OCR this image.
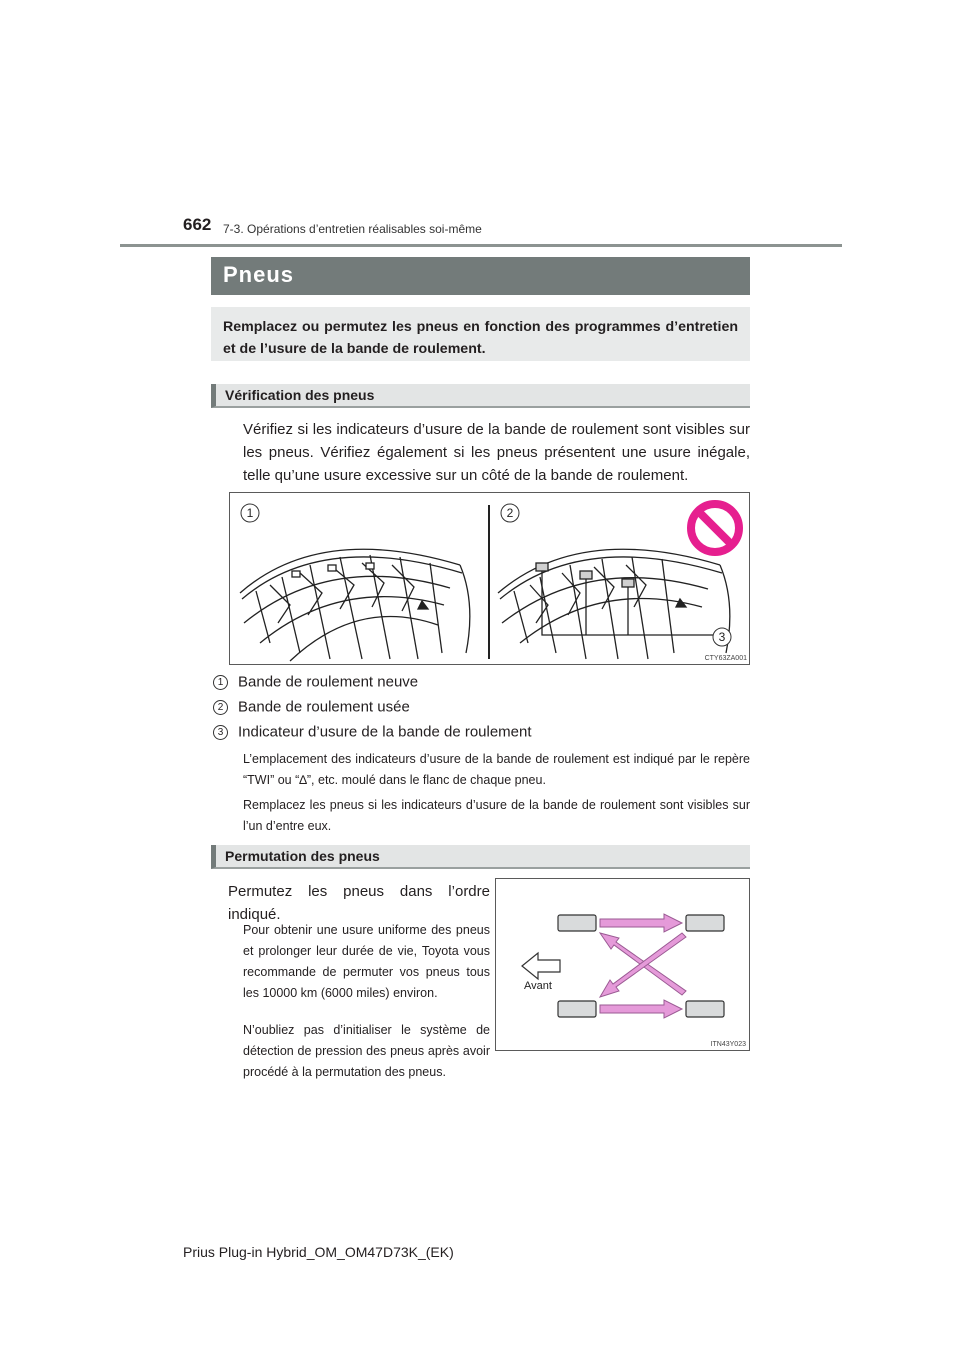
662 7-3. Opérations d’entretien réalisables soi-même
Pneus
Remplacez ou permutez les pneus en fonction des programmes d’entretien et de l’usure de la bande de roulement.
Vérification des pneus
Vérifiez si les indicateurs d’usure de la bande de roulement sont visibles sur les pneus. Vérifiez également si les pneus présentent une usure inégale, telle qu’une usure excessive sur un côté de la bande de roulement.
1	2
3
CTY63ZA001
1 Bande de roulement neuve
2 Bande de roulement usée
3 Indicateur d’usure de la bande de roulement
L’emplacement des indicateurs d’usure de la bande de roulement est indiqué par le repère “TWI” ou “∆”, etc. moulé dans le flanc de chaque pneu.
Remplacez les pneus si les indicateurs d’usure de la bande de roulement sont visibles sur l’un d’entre eux.
Permutation des pneus
Permutez les pneus dans l’ordre indiqué.
Pour obtenir une usure uniforme des pneus et prolonger leur durée de vie, Toyota vous recommande de permuter vos pneus tous les 10000 km (6000 miles) environ.
N’oubliez pas d’initialiser le système de détection de pression des pneus après avoir procédé à la permutation des pneus.
Avant
ITN43Y023
Prius Plug-in Hybrid_OM_OM47D73K_(EK)
